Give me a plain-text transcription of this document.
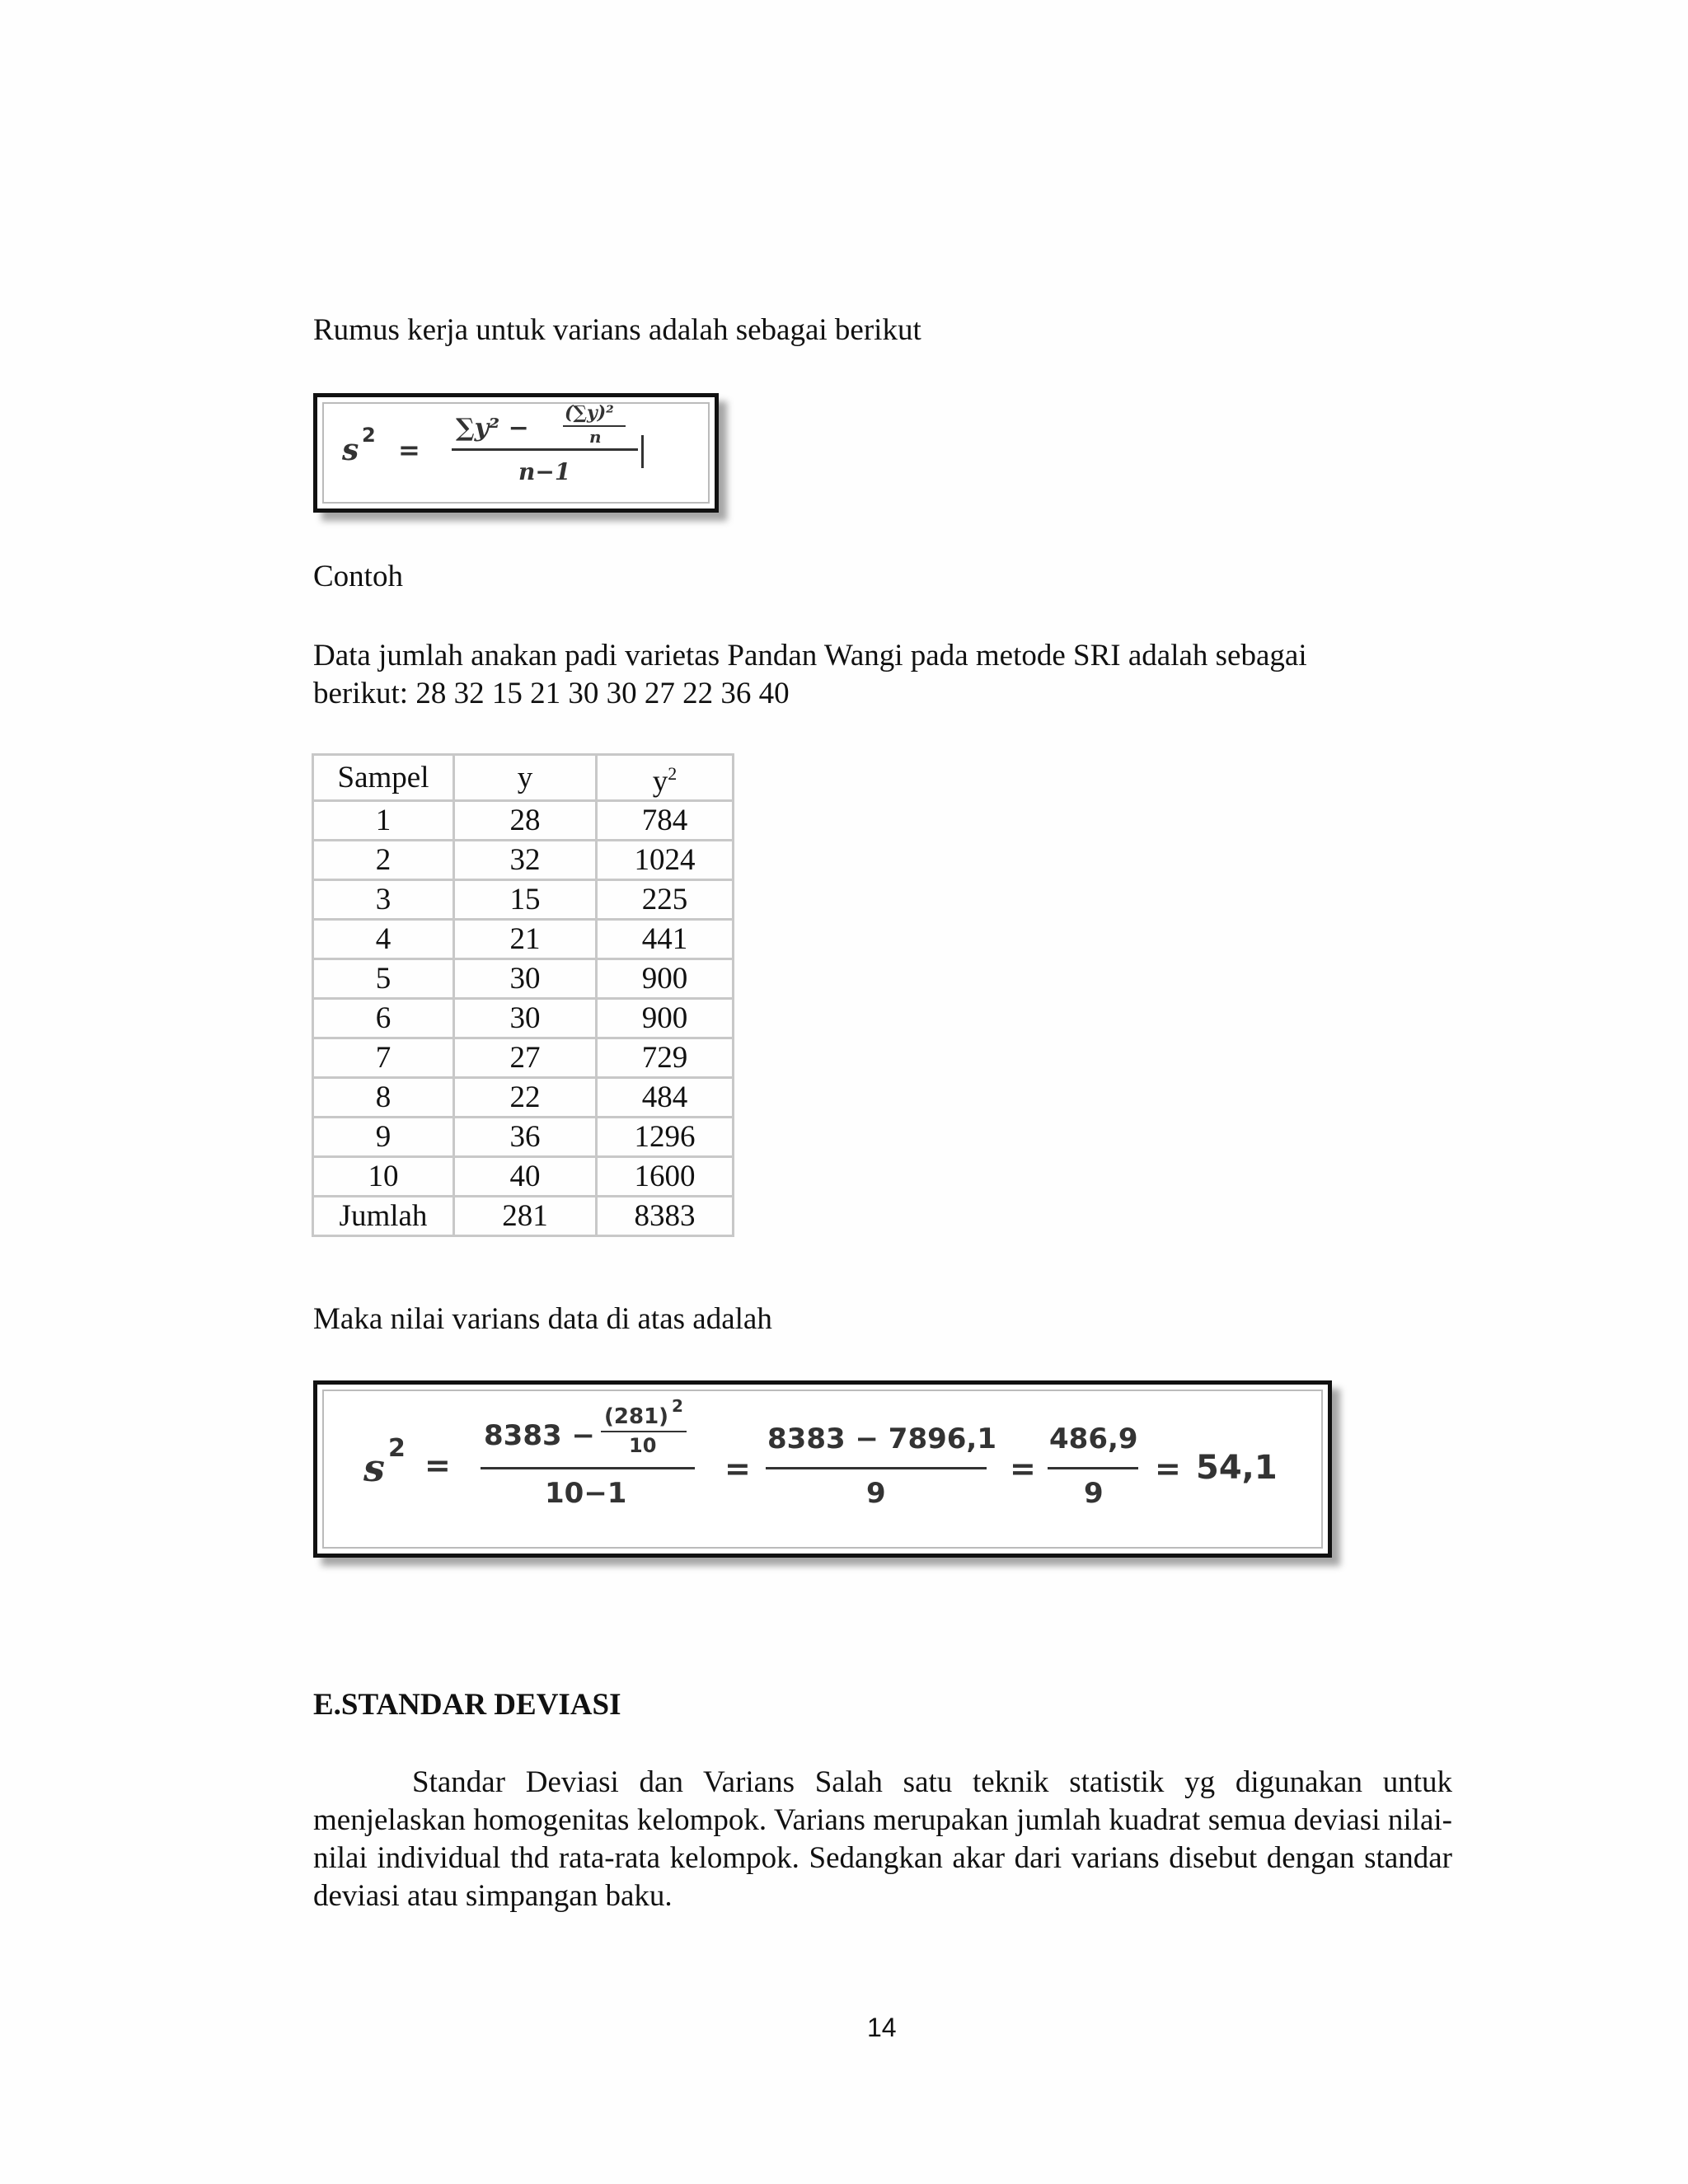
Rumus kerja untuk varians adalah sebagai berikut
s 2 =
∑y² −
(∑y)²
n
n−1
Contoh
Data jumlah anakan padi varietas Pandan Wangi pada metode SRI adalah sebagai
berikut: 28 32 15 21 30 30 27 22 36 40
Sampel	y	$y^2$
1	28	784
2	32	1024
3	15	225
4	21	441
5	30	900
6	30	900
7	27	729
8	22	484
9	36	1296
10	40	1600
Jumlah	281	8383
Maka nilai varians data di atas adalah
s 2 =
8383 −
(281) 2
10
10−1
=
8383 − 7896,1
9
=
486,9
9
= 54,1
E.STANDAR DEVIASI
Standar Deviasi dan Varians Salah satu teknik statistik yg digunakan untuk menjelaskan homogenitas kelompok. Varians merupakan jumlah kuadrat semua deviasi nilai-nilai individual thd rata-rata kelompok. Sedangkan akar dari varians disebut dengan standar deviasi atau simpangan baku.
14
